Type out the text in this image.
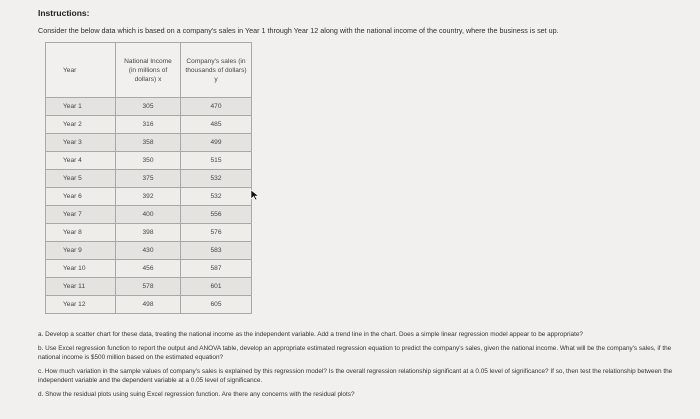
Instructions:
Consider the below data which is based on a company's sales in Year 1 through Year 12 along with the national income of the country, where the business is set up.
Year	National Income (in millions of dollars) x	Company's sales (in thousands of dollars) y
Year 1	305	470
Year 2	316	485
Year 3	358	499
Year 4	350	515
Year 5	375	532
Year 6	392	532
Year 7	400	556
Year 8	398	576
Year 9	430	583
Year 10	456	587
Year 11	578	601
Year 12	498	605

a. Develop a scatter chart for these data, treating the national income as the independent variable. Add a trend line in the chart. Does a simple linear regression model appear to be appropriate?

b. Use Excel regression function to report the output and ANOVA table, develop an appropriate estimated regression equation to predict the company's sales, given the national income. What will be the company's sales, if the national income is $500 million based on the estimated equation?

c. How much variation in the sample values of company's sales is explained by this regression model? Is the overall regression relationship significant at a 0.05 level of significance? If so, then test the relationship between the independent variable and the dependent variable at a 0.05 level of significance.

d. Show the residual plots using suing Excel regression function. Are there any concerns with the residual plots?
